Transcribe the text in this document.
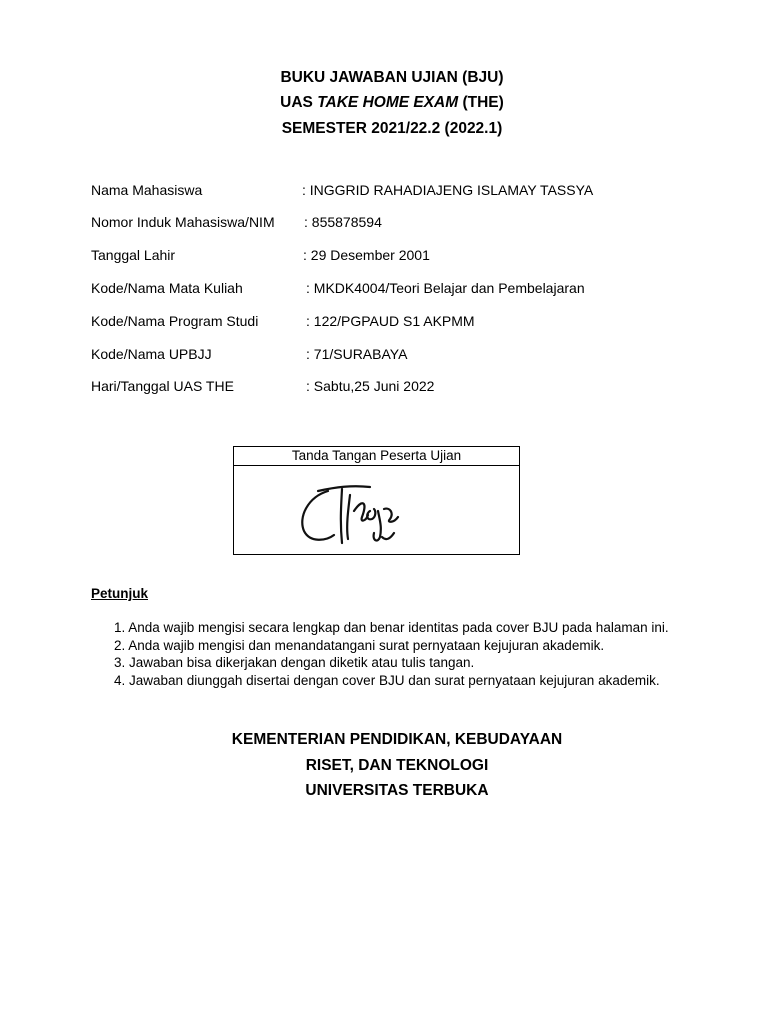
BUKU JAWABAN UJIAN (BJU)
UAS TAKE HOME EXAM (THE)
SEMESTER 2021/22.2 (2022.1)
Nama Mahasiswa	: INGGRID RAHADIAJENG ISLAMAY TASSYA
Nomor Induk Mahasiswa/NIM : 855878594
Tanggal Lahir	: 29 Desember 2001
Kode/Nama Mata Kuliah	: MKDK4004/Teori Belajar dan Pembelajaran
Kode/Nama Program Studi	: 122/PGPAUD S1 AKPMM
Kode/Nama UPBJJ	: 71/SURABAYA
Hari/Tanggal UAS THE	: Sabtu,25 Juni 2022
Tanda Tangan Peserta Ujian
Petunjuk
1. Anda wajib mengisi secara lengkap dan benar identitas pada cover BJU pada halaman ini.
2. Anda wajib mengisi dan menandatangani surat pernyataan kejujuran akademik.
3. Jawaban bisa dikerjakan dengan diketik atau tulis tangan.
4. Jawaban diunggah disertai dengan cover BJU dan surat pernyataan kejujuran akademik.
KEMENTERIAN PENDIDIKAN, KEBUDAYAAN
RISET, DAN TEKNOLOGI
UNIVERSITAS TERBUKA
